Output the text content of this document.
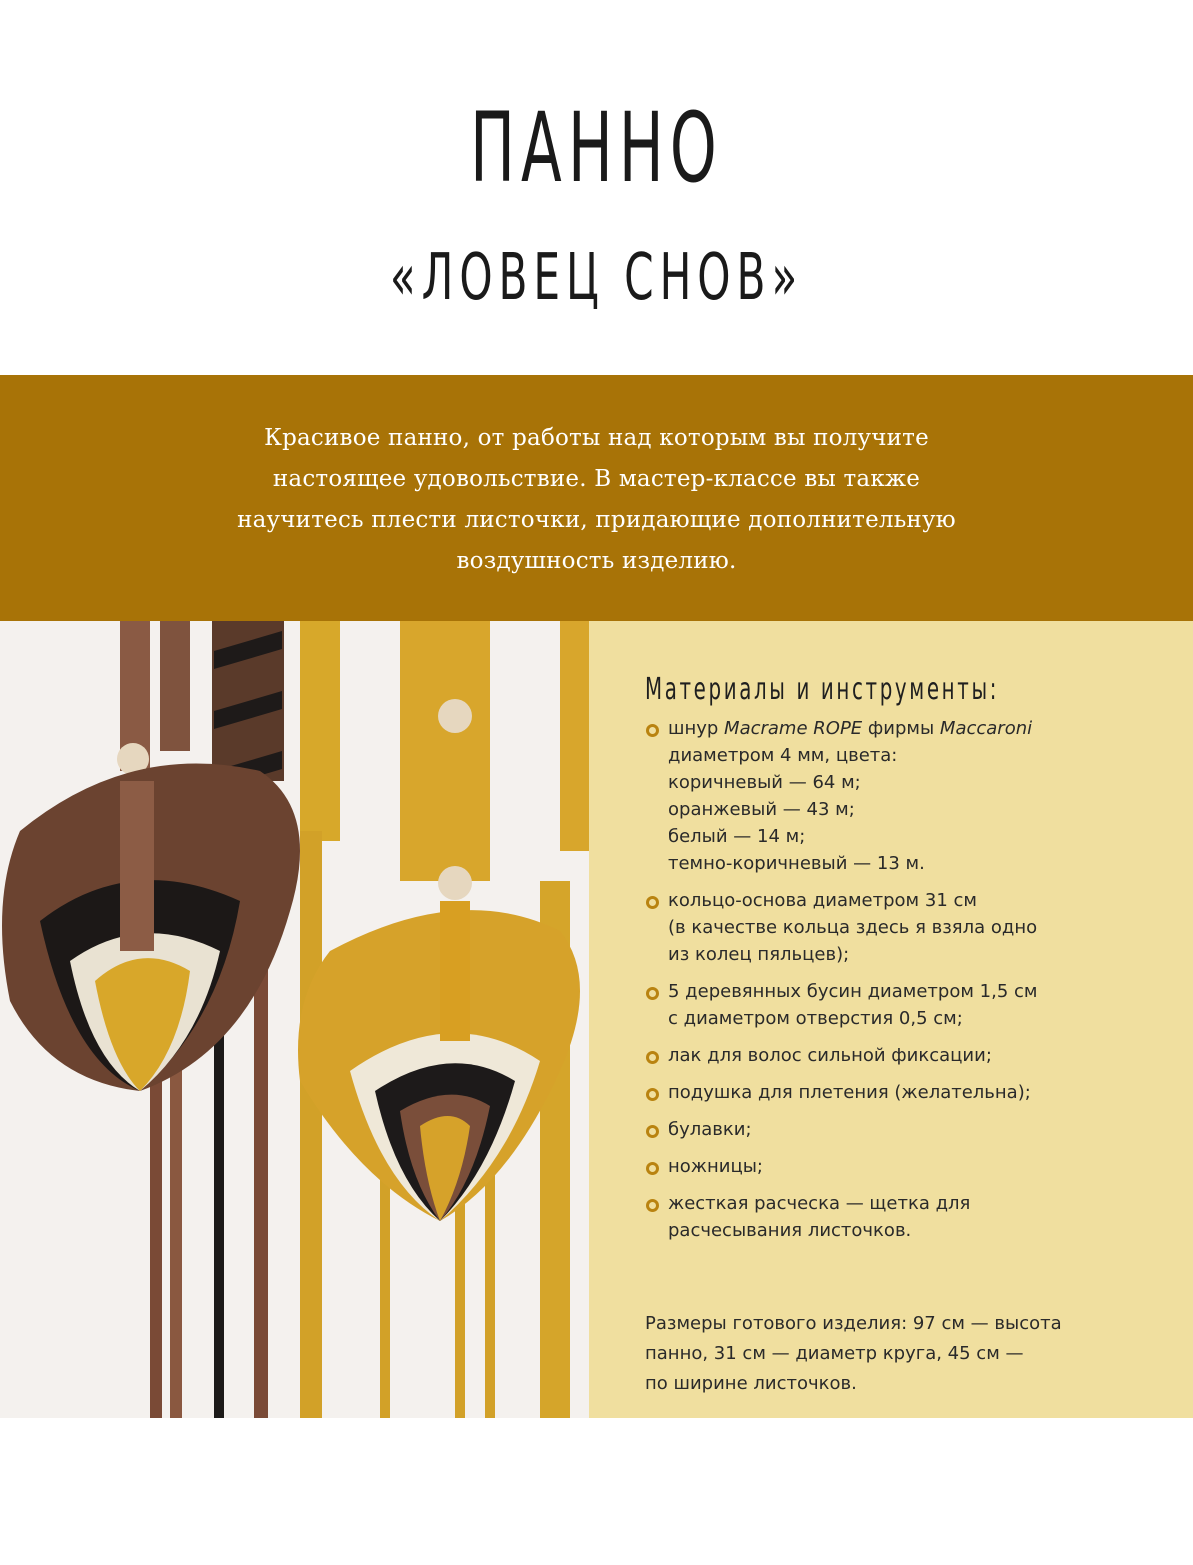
ПАННО
«ЛОВЕЦ СНОВ»
Красивое панно, от работы над которым вы получите
настоящее удовольствие. В мастер-классе вы также
научитесь плести листочки, придающие дополнительную
воздушность изделию.
Материалы и инструменты:
шнур Macrame ROPE фирмы Maccaroni
диаметром 4 мм, цвета:
коричневый — 64 м;
оранжевый — 43 м;
белый — 14 м;
темно-коричневый — 13 м.
кольцо-основа диаметром 31 см
(в качестве кольца здесь я взяла одно
из колец пяльцев);
5 деревянных бусин диаметром 1,5 см
с диаметром отверстия 0,5 см;
лак для волос сильной фиксации;
подушка для плетения (желательна);
булавки;
ножницы;
жесткая расческа — щетка для
расчесывания листочков.
Размеры готового изделия: 97 см — высота
панно, 31 см — диаметр круга, 45 см —
по ширине листочков.
